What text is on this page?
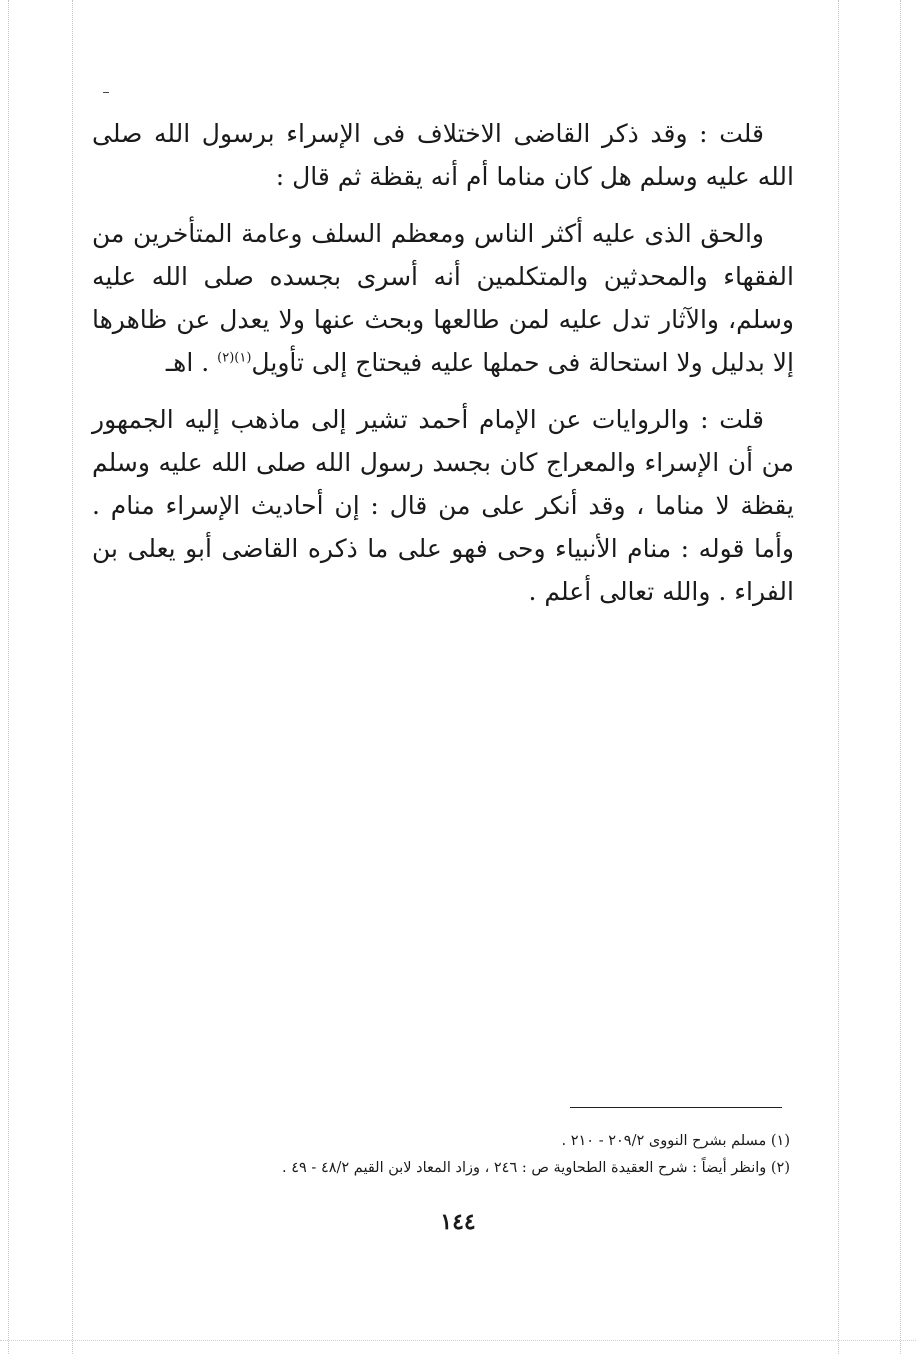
قلت : وقد ذكر القاضى الاختلاف فى الإسراء برسول الله صلى الله عليه وسلم هل كان مناما أم أنه يقظة ثم قال :

والحق الذى عليه أكثر الناس ومعظم السلف وعامة المتأخرين من الفقهاء والمحدثين والمتكلمين أنه أسرى بجسده صلى الله عليه وسلم، والآثار تدل عليه لمن طالعها وبحث عنها ولا يعدل عن ظاهرها إلا بدليل ولا استحالة فى حملها عليه فيحتاج إلى تأويل$^{(١)(٢)}$ . اهـ

قلت : والروايات عن الإمام أحمد تشير إلى ماذهب إليه الجمهور من أن الإسراء والمعراج كان بجسد رسول الله صلى الله عليه وسلم يقظة لا مناما ، وقد أنكر على من قال : إن أحاديث الإسراء منام . وأما قوله : منام الأنبياء وحى فهو على ما ذكره القاضى أبو يعلى بن الفراء . والله تعالى أعلم .

(١) مسلم بشرح النووى ٢٠٩/٢ - ٢١٠ .
(٢) وانظر أيضاً : شرح العقيدة الطحاوية ص : ٢٤٦ ، وزاد المعاد لابن القيم ٤٨/٢ - ٤٩ .
١٤٤
